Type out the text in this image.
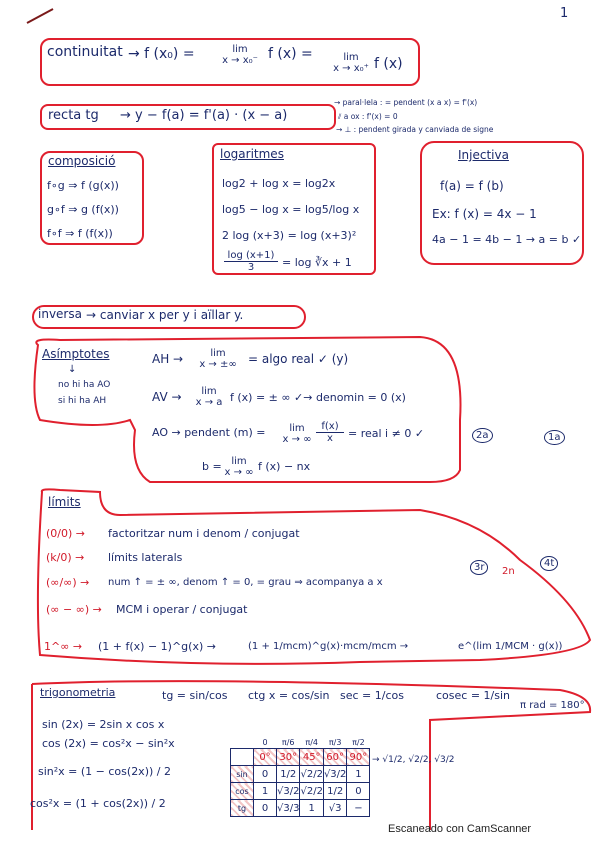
1
continuitat → f (x₀) =	lim
x → x₀⁻ f (x) =	lim
x → x₀⁺ f (x)
recta tg → y − f(a) = f'(a) · (x − a)
→ paral·lela : = pendent (x a x) = f'(x)
⫽ a ox : f'(x) = 0
→ ⊥ : pendent girada y canviada de signe
composició
f∘g ⇒ f (g(x))
g∘f ⇒ g (f(x))
f∘f ⇒ f (f(x))
logaritmes
log2 + log x = log2x
log5 − log x = log5/log x
2 log (x+3) = log (x+3)²
log (x+1)
3	= log ∛x + 1
Injectiva
f(a) = f (b)
Ex: f (x) = 4x − 1
4a − 1 = 4b − 1 → a = b ✓
inversa → canviar x per y i aïllar y.
Asímptotes
↓
no hi ha AO
si hi ha AH
AH →	lim
x → ±∞ = algo real ✓ (y)
AV →	lim
x → a f (x) = ± ∞ ✓→ denomin = 0 (x)
AO → pendent (m) =	lim
x → ∞
f(x)
x	= real i ≠ 0 ✓
b = lim
x → ∞ f (x) − nx
2a	1a
límits
(0/0) → factoritzar num i denom / conjugat
(k/0) → límits laterals
(∞/∞) → num ↑ = ± ∞, denom ↑ = 0, = grau ⇒ acompanya a x
(∞ − ∞) → MCM i operar / conjugat
1^∞ → (1 + f(x) − 1)^g(x) →	(1 + 1/mcm)^g(x)·mcm/mcm →	e^(lim 1/MCM · g(x))
3r	2n
4t
trigonometria	tg = sin/cos ctg x = cos/sin sec = 1/cos	cosec = 1/sin
π rad = 180°
sin (2x) = 2sin x cos x
cos (2x) = cos²x − sin²x
sin²x = (1 − cos(2x)) / 2
cos²x = (1 + cos(2x)) / 2
	0	π/6	π/4	π/3	π/2
	0°	30°	45°	60°	90°
sin	0	1/2	√2/2	√3/2	1
cos	1	√3/2	√2/2	1/2	0
tg	0	√3/3	1	√3	−
→ √1/2, √2/2, √3/2
Escaneado con CamScanner
